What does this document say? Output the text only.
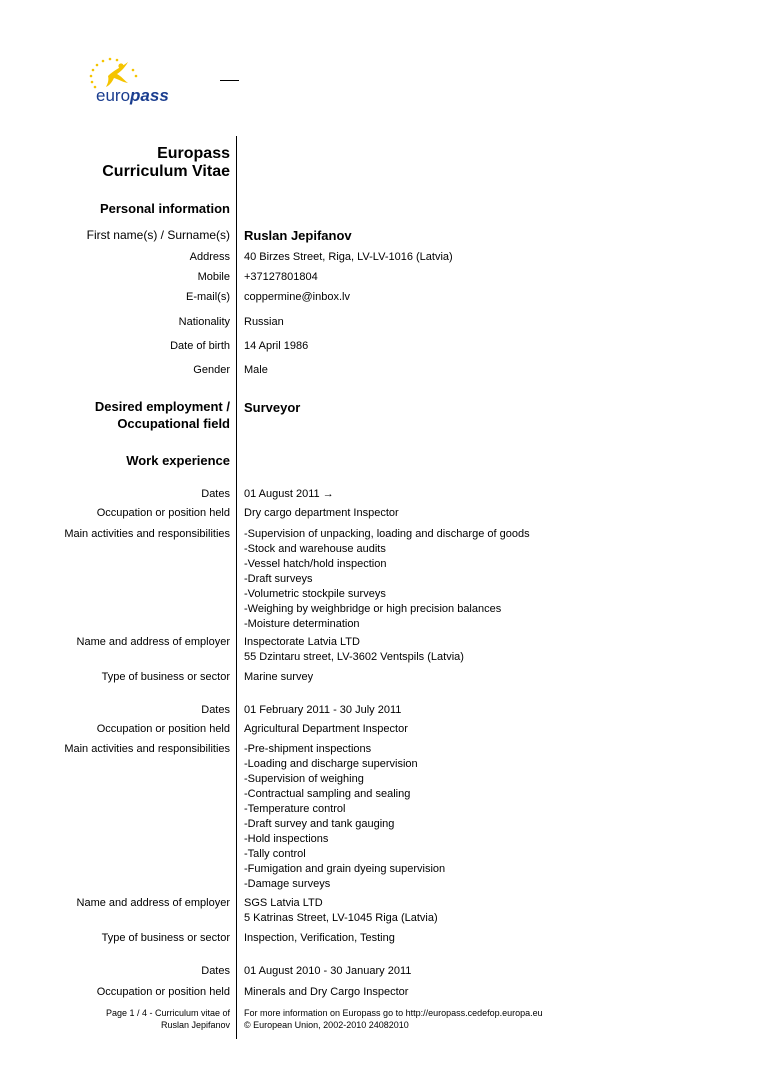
europass
Europass
Curriculum Vitae
Personal information
First name(s) / Surname(s) Ruslan Jepifanov
Address 40 Birzes Street, Riga, LV-LV-1016 (Latvia)
Mobile +37127801804
E-mail(s) coppermine@inbox.lv
Nationality Russian
Date of birth 14 April 1986
Gender Male
Desired employment /
Occupational field
Surveyor
Work experience
Dates 01 August 2011 →
Occupation or position held Dry cargo department Inspector
Main activities and responsibilities -Supervision of unpacking, loading and discharge of goods
-Stock and warehouse audits
-Vessel hatch/hold inspection
-Draft surveys
-Volumetric stockpile surveys
-Weighing by weighbridge or high precision balances
-Moisture determination
Name and address of employer Inspectorate Latvia LTD
55 Dzintaru street, LV-3602 Ventspils (Latvia)
Type of business or sector Marine survey
Dates 01 February 2011 - 30 July 2011
Occupation or position held Agricultural Department Inspector
Main activities and responsibilities -Pre-shipment inspections
-Loading and discharge supervision
-Supervision of weighing
-Contractual sampling and sealing
-Temperature control
-Draft survey and tank gauging
-Hold inspections
-Tally control
-Fumigation and grain dyeing supervision
-Damage surveys
Name and address of employer SGS Latvia LTD
5 Katrinas Street, LV-1045 Riga (Latvia)
Type of business or sector Inspection, Verification, Testing
Dates 01 August 2010 - 30 January 2011
Occupation or position held Minerals and Dry Cargo Inspector
Page 1 / 4 - Curriculum vitae of
Ruslan Jepifanov
For more information on Europass go to http://europass.cedefop.europa.eu
© European Union, 2002-2010 24082010
